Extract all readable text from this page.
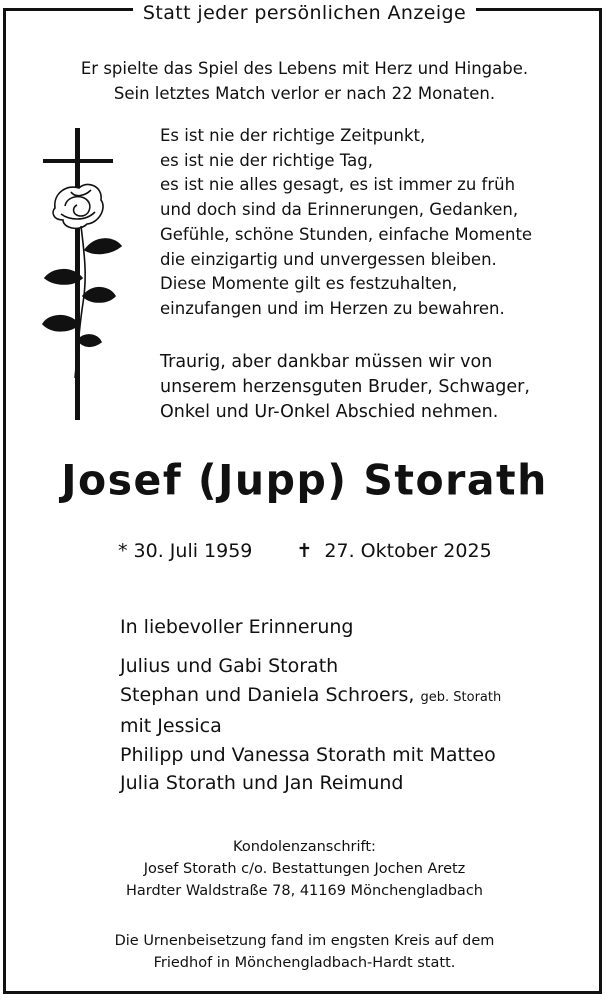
Statt jeder persönlichen Anzeige
Er spielte das Spiel des Lebens mit Herz und Hingabe.
Sein letztes Match verlor er nach 22 Monaten.
Es ist nie der richtige Zeitpunkt,
es ist nie der richtige Tag,
es ist nie alles gesagt, es ist immer zu früh
und doch sind da Erinnerungen, Gedanken,
Gefühle, schöne Stunden, einfache Momente
die einzigartig und unvergessen bleiben.
Diese Momente gilt es festzuhalten,
einzufangen und im Herzen zu bewahren.
Traurig, aber dankbar müssen wir von
unserem herzensguten Bruder, Schwager,
Onkel und Ur-Onkel Abschied nehmen.
Josef (Jupp) Storath
* 30. Juli 1959 ✝ 27. Oktober 2025
In liebevoller Erinnerung
Julius und Gabi Storath
Stephan und Daniela Schroers, geb. Storath
mit Jessica
Philipp und Vanessa Storath mit Matteo
Julia Storath und Jan Reimund
Kondolenzanschrift:
Josef Storath c/o. Bestattungen Jochen Aretz
Hardter Waldstraße 78, 41169 Mönchengladbach
Die Urnenbeisetzung fand im engsten Kreis auf dem
Friedhof in Mönchengladbach-Hardt statt.
